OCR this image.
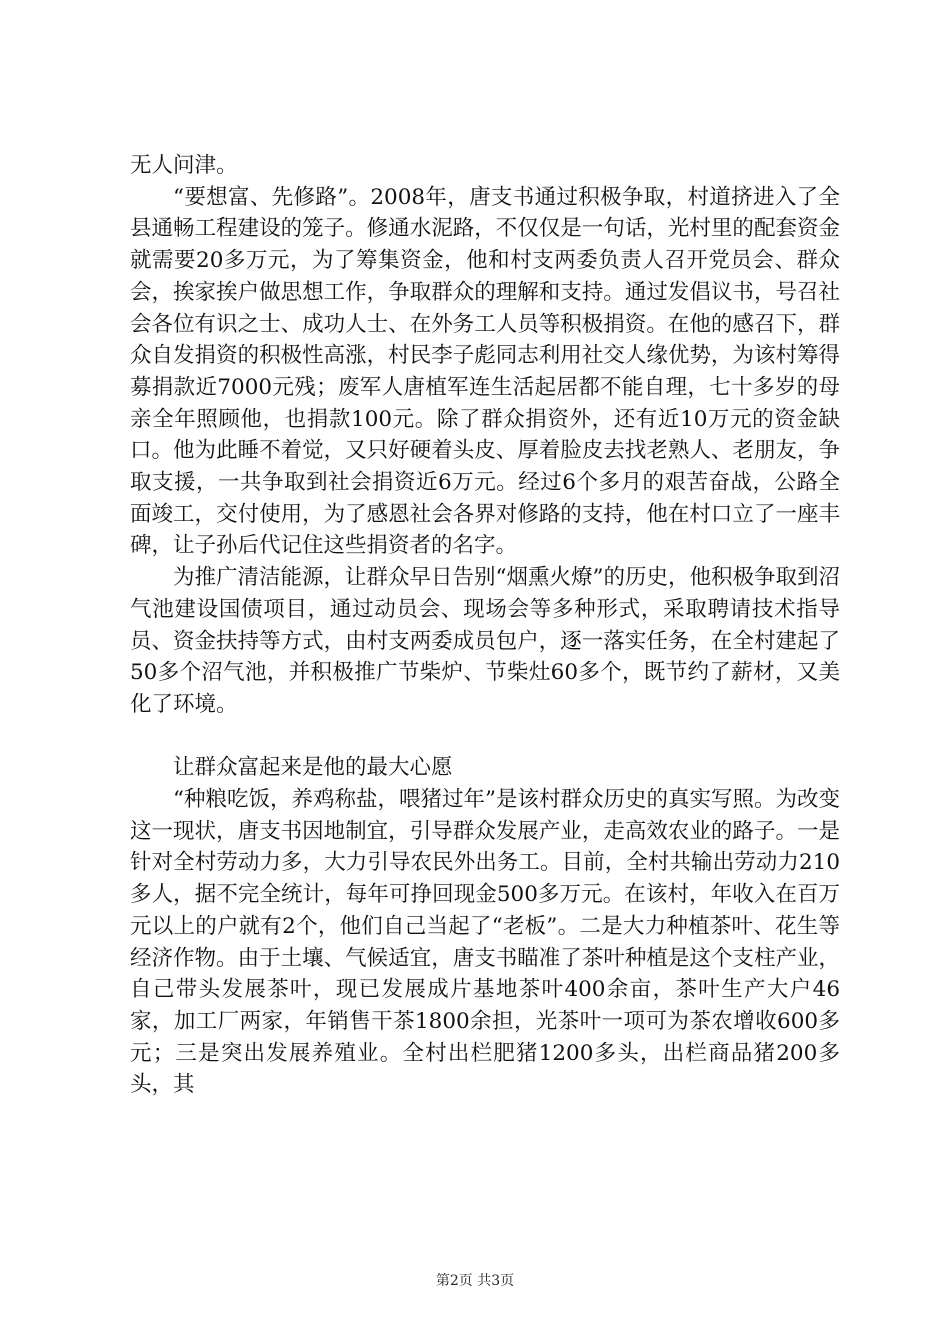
无人问津。

“要想富、先修路”。2008年，唐支书通过积极争取，村道挤进入了全县通畅工程建设的笼子。修通水泥路，不仅仅是一句话，光村里的配套资金就需要20多万元，为了筹集资金，他和村支两委负责人召开党员会、群众会，挨家挨户做思想工作，争取群众的理解和支持。通过发倡议书，号召社会各位有识之士、成功人士、在外务工人员等积极捐资。在他的感召下，群众自发捐资的积极性高涨，村民李子彪同志利用社交人缘优势，为该村筹得募捐款近7000元残；废军人唐植军连生活起居都不能自理，七十多岁的母亲全年照顾他，也捐款100元。除了群众捐资外，还有近10万元的资金缺口。他为此睡不着觉，又只好硬着头皮、厚着脸皮去找老熟人、老朋友，争取支援，一共争取到社会捐资近6万元。经过6个多月的艰苦奋战，公路全面竣工，交付使用，为了感恩社会各界对修路的支持，他在村口立了一座丰碑，让子孙后代记住这些捐资者的名字。

为推广清洁能源，让群众早日告别“烟熏火燎”的历史，他积极争取到沼气池建设国债项目，通过动员会、现场会等多种形式，采取聘请技术指导员、资金扶持等方式，由村支两委成员包户，逐一落实任务，在全村建起了50多个沼气池，并积极推广节柴炉、节柴灶60多个，既节约了薪材，又美化了环境。

让群众富起来是他的最大心愿

“种粮吃饭，养鸡称盐，喂猪过年”是该村群众历史的真实写照。为改变这一现状，唐支书因地制宜，引导群众发展产业，走高效农业的路子。一是针对全村劳动力多，大力引导农民外出务工。目前，全村共输出劳动力210多人，据不完全统计，每年可挣回现金500多万元。在该村，年收入在百万元以上的户就有2个，他们自己当起了“老板”。二是大力种植茶叶、花生等经济作物。由于土壤、气候适宜，唐支书瞄准了茶叶种植是这个支柱产业，自己带头发展茶叶，现已发展成片基地茶叶400余亩，茶叶生产大户46家，加工厂两家，年销售干茶1800余担，光茶叶一项可为茶农增收600多元；三是突出发展养殖业。全村出栏肥猪1200多头，出栏商品猪200多头，其

第2页 共3页
